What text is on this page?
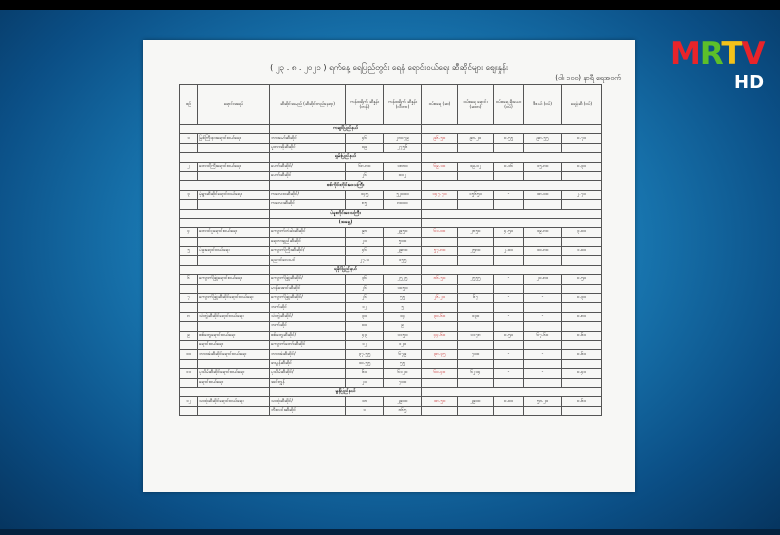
MRTV
HD
( ၂၃ . ၈ . ၂၀၂၁ ) ရက်နေ့ ရေပြည်တွင်း ရေနံ ရောင်းဝယ်ရေး ဆီဆိုင်များ ဈေးနှုန်း
(ဝါ၊ ၁၀၀) နာရီ ရေအဝက်
စဉ်	ရောင်းအရပ်	ဆီဆိုင်အမည် (ဆီဆိုင်တည်နေရာ)	ကန်ထရိုက် ဆီနှုန်း (တန်)	ကန်ထရိုက် ဆီနှုန်း (လီတာ)	ဝပ်စရေ (ဆ)	ဝပ်စရေ ရောင်း (ဆတ)	ဝပ်စရေ ရီးယေး (ဝပ်)	ဒီဇယ် (ဝပ်)	ရေနံဆီ (ဝပ်)
		ကချင်ပြည်နယ်							
၁	မြစ်ကြီးနားရောင်းဝယ်ရေး	ဘားမော်ဆီဆိုင်	၄၆	၂၈၀၇၉	၉၆.၅၀	၉၈.၂၀	၀.၅၅	၉၈.၅၅	၀.၇၀
		ပူတာအိုဆီဆိုင်	၀၉	၂၇၅၆					
		ရှမ်းပြည်နယ်							
၂	တောင်ကြီးရောင်းဝယ်ရေး	ဟော်ဆီဆိုင်/	၆၈.၈၀	၁၈၈၀	၆၉.၁၀	၁၉.၀၂	၀.၁၆	၁၅.၈၀	၀.၃၀
		ဟော်ဆီဆိုင်	၂၆	၀၀၂					
		စစ်ကိုင်းတိုင်းဒေသကြီး							
၃	မုံရွာဆီဆိုင်ရောင်းဝယ်ရေး	ကလေးဝဆီဆိုင်/	၁၄၅	၅၂၀၀၀	၁၄၇.၇၀	၁၅၆၅၀	-	၁၈.၀၀	၂.၇၀
		ကလေးဆီဆိုင်	၈၅	၈၀၀၀					
		ပဲခူးတိုင်းဒေသကြီး							
		(အရှေ့)							
၄	တောင်ငူရောင်းဝယ်ရေး	ကျောက်တံခါးဆီဆိုင်	၉၈	၂၉၅၀	၆၁.၀၀	၂၈၅၀	၄.၅၀	၁၉.၈၀	၃.၀၀
		ရေတာရှည်ဆီဆိုင်	၂၀	၅၀၀					
၅	ပဲခူးရောင်းဝယ်ရေး	ကျောက်ကြီးဆီဆိုင်/	၄၆	၂၉၈၀	၅၇.၈၀	၂၅၈၀	၂.၀၀	၁၀.၈၀	၁.၀၀
		ညောင်လေးပင်	၂၇.၁	၁၅၅					
		ရခိုင်ပြည်နယ်							
၆	ကျောက်ဖြူရောင်းဝယ်ရေး	ကျောက်ဖြူဆီဆိုင်/	၃၆	၂၅၂၅	၈၆.၅၀	၂၅၅၅	-	၂၀.၈၀	၀.၅၀
		မာန်အောင်ဆီဆိုင်	၂၆	၁၀၅၀					
၇	ကျောက်ဖြူဆီဆိုင်ရောင်းဝယ်ရေး	ကျောက်ဖြူဆီဆိုင်/	၂၆	၅၅	၂၆.၂၀	၆၇	-	-	၀.၃၀
		ဘက်ဆိုင်	၁၂	၅					
၈	သံတွဲဆီဆိုင်ရောင်းဝယ်ရေး	သံတွဲဆီဆိုင်/	၃၀	၁၄	၃၀.၆၀	၁၃၀	-	-	၀.၈၀
		ဘက်ဆိုင်	၀၀	၉					
၉	စစ်တွေရောင်းဝယ်ရေး	စစ်တွေဆီဆိုင်/	၄၃	၁၁၅၀	၄၄.၆၀	၁၁၇၈	၀.၅၀	၆၇.၆၀	၀.၆၀
	ရောင်းဝယ်ရေး	ကျောက်တော်ဆီဆိုင်	၁၂	၁၂၀					
၁၀	ဘားအံဆီဆိုင်ရောင်းဝယ်ရေး	ဘားအံဆီဆိုင်/	၃၇.၅၅	၆၇၉	၃၈.၃၅	၇၀၀	-	-	၀.၆၀
		ဖာပွန်ဆီဆိုင်	၁၀.၅၅	၅၅					
၁၁	ပုသိမ်ဆီဆိုင်ရောင်းဝယ်ရေး	ပုသိမ်ဆီဆိုင်/	၆၀	၆၁၂၀	၆၀.၄၀	၆၂၁၄	-	-	၀.၄၀
	ရောင်းဝယ်ရေး	အင်းဂျွန်	၂၀	၇၀၀					
		မွန်ပြည်နယ်							
၁၂	သထုံဆီဆိုင်ရောင်းဝယ်ရေး	သထုံဆီဆိုင်/	၁၈	၂၉၀၀	၁၈.၅၀	၂၉၀၀	၀.၀၀	၅၈.၂၀	၀.၆၀
		ဘီးလင်းဆီဆိုင်	၁	၈၆၅					
